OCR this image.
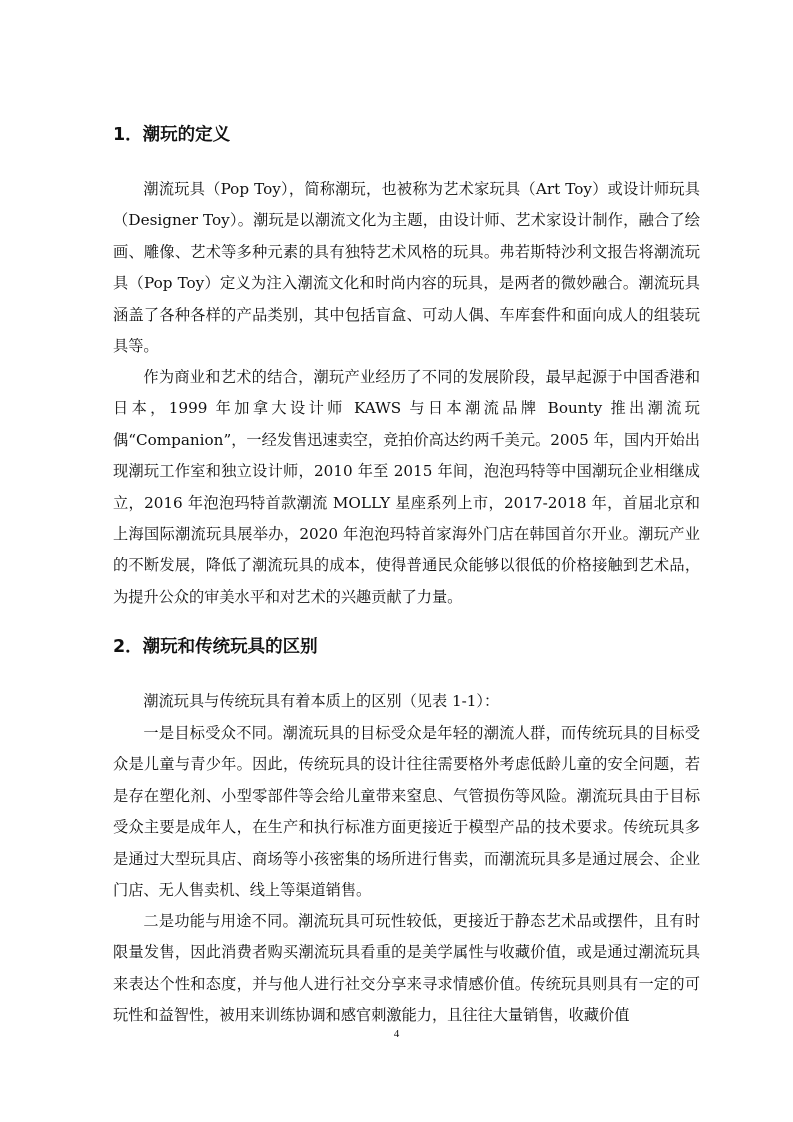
1．潮玩的定义

潮流玩具（Pop Toy），简称潮玩，也被称为艺术家玩具（Art Toy）或设计师玩具（Designer Toy）。潮玩是以潮流文化为主题，由设计师、艺术家设计制作，融合了绘画、雕像、艺术等多种元素的具有独特艺术风格的玩具。弗若斯特沙利文报告将潮流玩具（Pop Toy）定义为注入潮流文化和时尚内容的玩具，是两者的微妙融合。潮流玩具涵盖了各种各样的产品类别，其中包括盲盒、可动人偶、车库套件和面向成人的组装玩具等。

作为商业和艺术的结合，潮玩产业经历了不同的发展阶段，最早起源于中国香港和日本，1999 年加拿大设计师 KAWS 与日本潮流品牌 Bounty 推出潮流玩偶“Companion”，一经发售迅速卖空，竞拍价高达约两千美元。2005 年，国内开始出现潮玩工作室和独立设计师，2010 年至 2015 年间，泡泡玛特等中国潮玩企业相继成立，2016 年泡泡玛特首款潮流 MOLLY 星座系列上市，2017-2018 年，首届北京和上海国际潮流玩具展举办，2020 年泡泡玛特首家海外门店在韩国首尔开业。潮玩产业的不断发展，降低了潮流玩具的成本，使得普通民众能够以很低的价格接触到艺术品，为提升公众的审美水平和对艺术的兴趣贡献了力量。

2．潮玩和传统玩具的区别

潮流玩具与传统玩具有着本质上的区别（见表 1-1）：

一是目标受众不同。潮流玩具的目标受众是年轻的潮流人群，而传统玩具的目标受众是儿童与青少年。因此，传统玩具的设计往往需要格外考虑低龄儿童的安全问题，若是存在塑化剂、小型零部件等会给儿童带来窒息、气管损伤等风险。潮流玩具由于目标受众主要是成年人，在生产和执行标准方面更接近于模型产品的技术要求。传统玩具多是通过大型玩具店、商场等小孩密集的场所进行售卖，而潮流玩具多是通过展会、企业门店、无人售卖机、线上等渠道销售。

二是功能与用途不同。潮流玩具可玩性较低，更接近于静态艺术品或摆件，且有时限量发售，因此消费者购买潮流玩具看重的是美学属性与收藏价值，或是通过潮流玩具来表达个性和态度，并与他人进行社交分享来寻求情感价值。传统玩具则具有一定的可玩性和益智性，被用来训练协调和感官刺激能力，且往往大量销售，收藏价值

4
